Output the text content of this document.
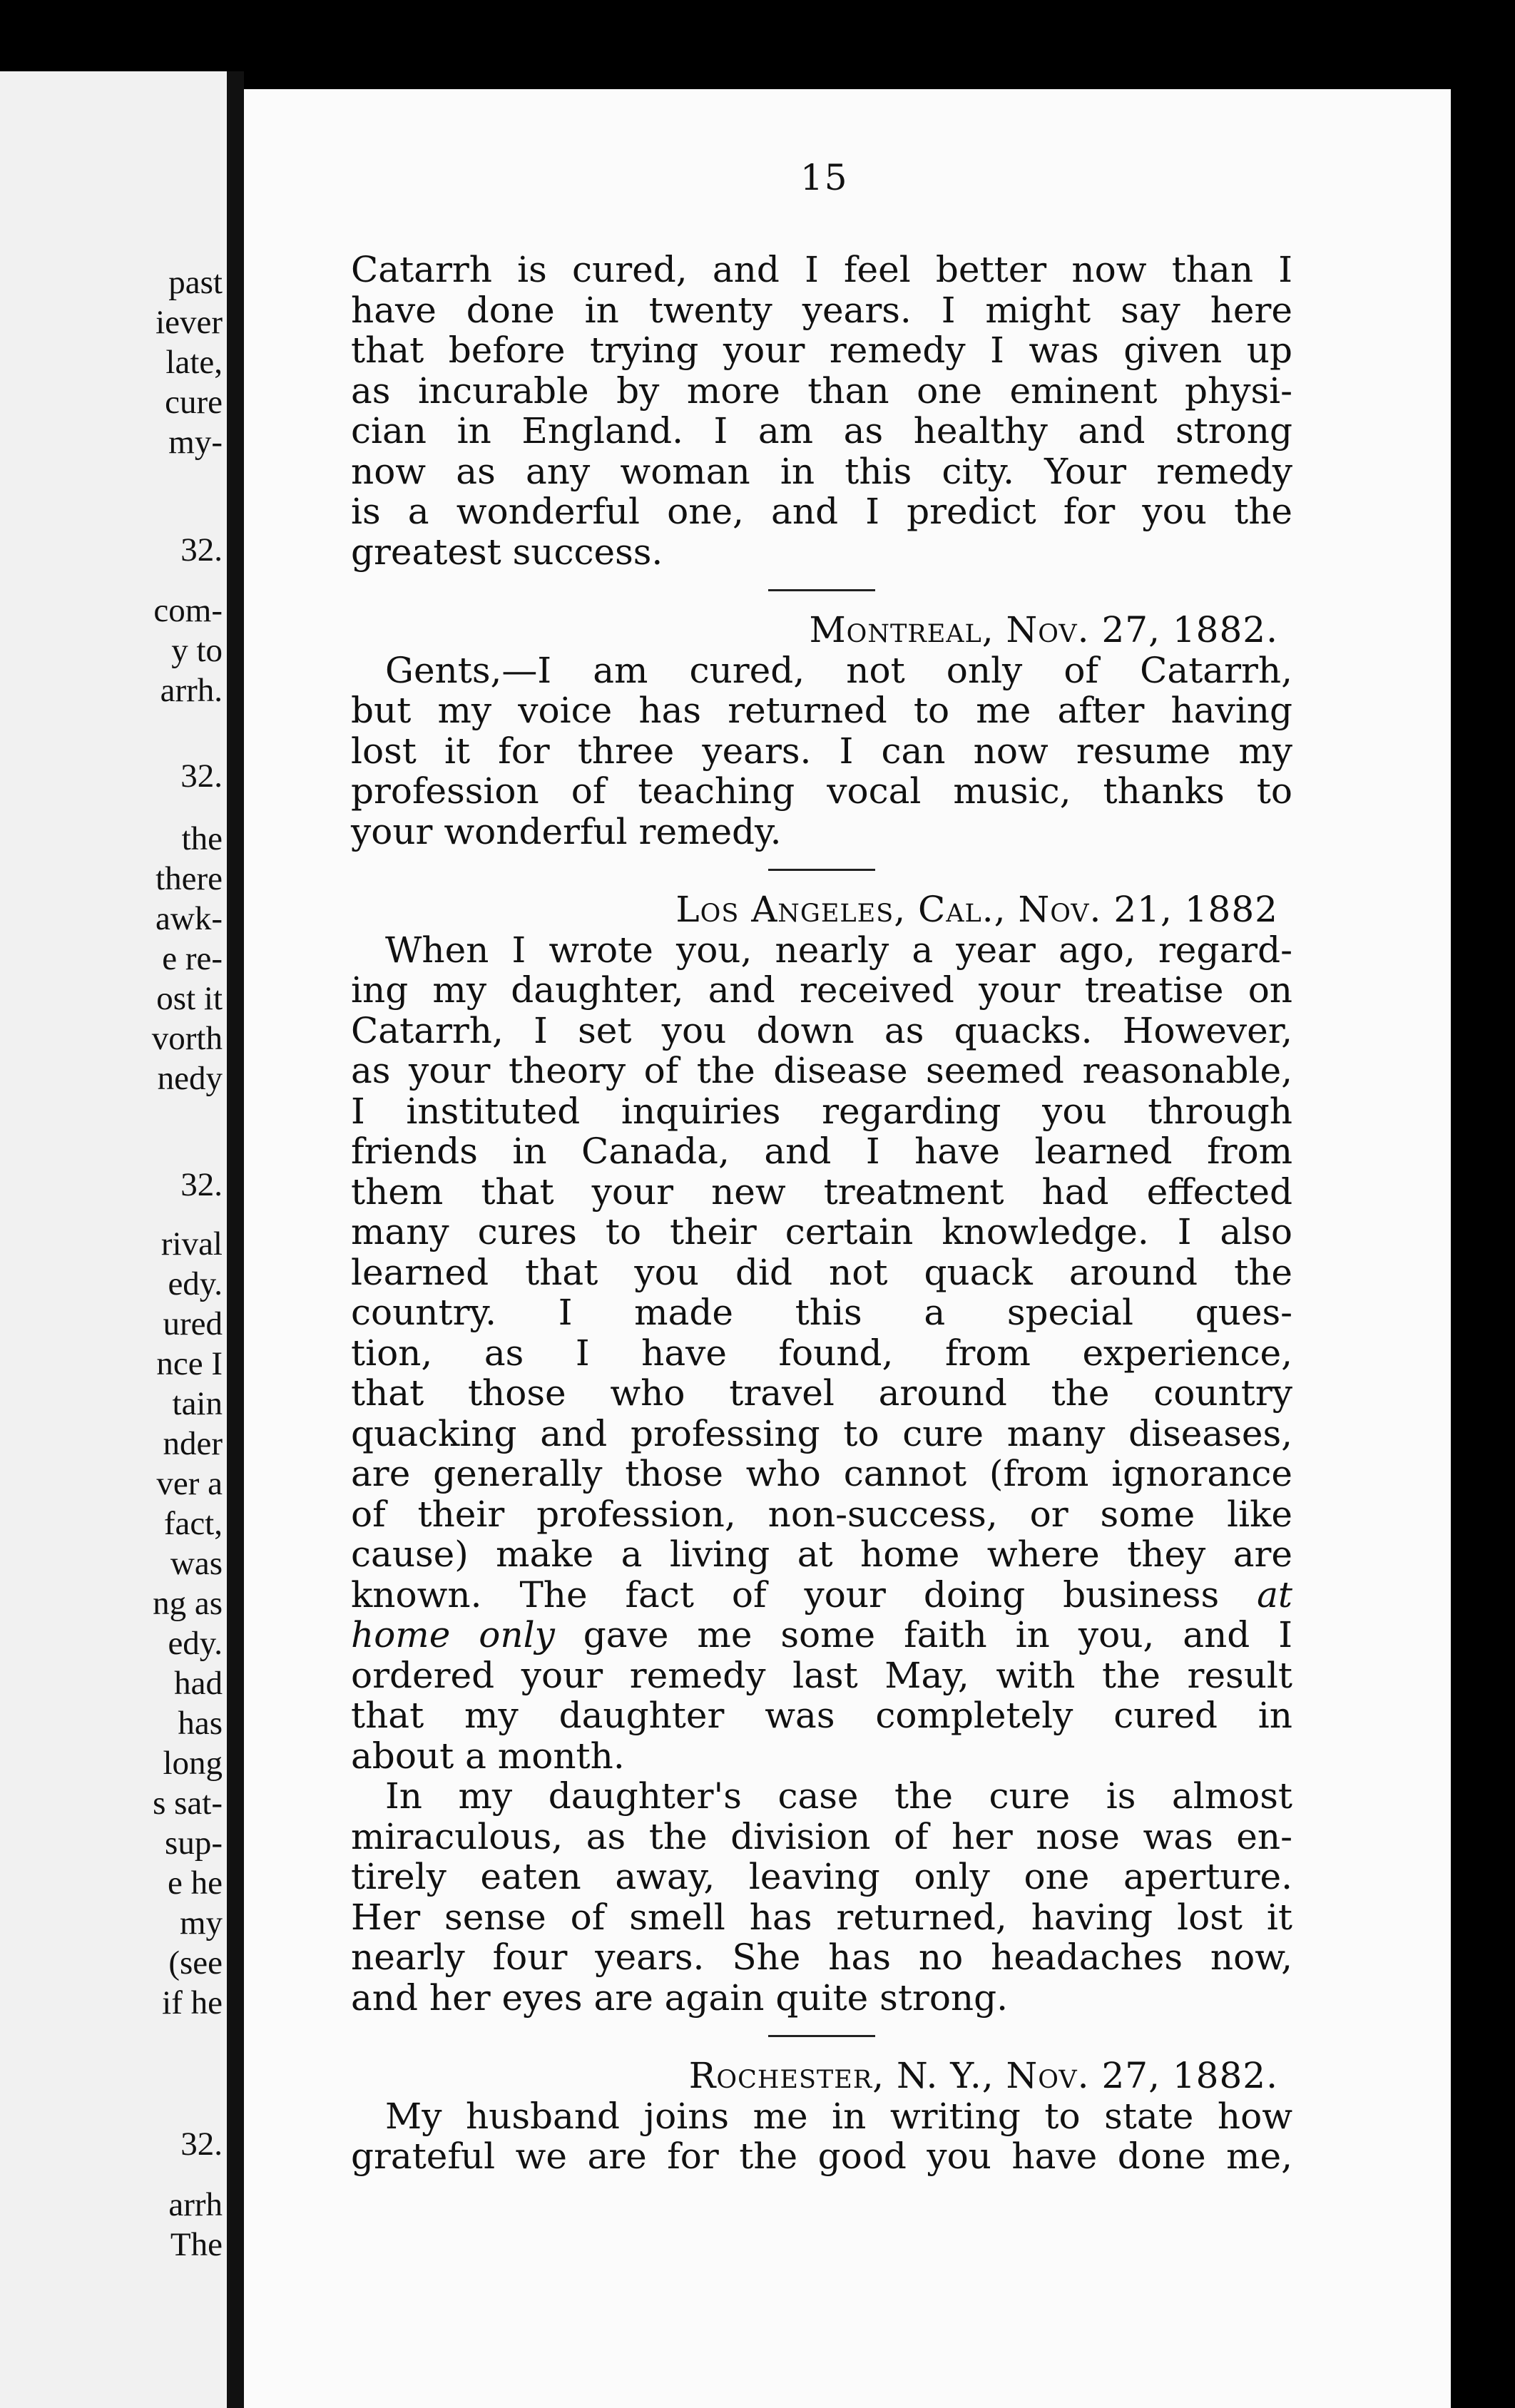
past
iever
late,
cure
my-
32.
com-
y to
arrh.
32.
the
there
awk-
e re-
ost it
vorth
nedy
32.
rival
edy.
ured
nce I
tain
nder
ver a
fact,
was
ng as
edy.
had
has
long
s sat-
sup-
e he
my
(see
if he
32.
arrh
The
15
Catarrh is cured, and I feel better now than I
have done in twenty years. I might say here
that before trying your remedy I was given up
as incurable by more than one eminent physi-
cian in England. I am as healthy and strong
now as any woman in this city. Your remedy
is a wonderful one, and I predict for you the
greatest success.
Montreal, Nov. 27, 1882.
Gents,—I am cured, not only of Catarrh,
but my voice has returned to me after having
lost it for three years. I can now resume my
profession of teaching vocal music, thanks to
your wonderful remedy.
Los Angeles, Cal., Nov. 21, 1882
When I wrote you, nearly a year ago, regard-
ing my daughter, and received your treatise on
Catarrh, I set you down as quacks. However,
as your theory of the disease seemed reasonable,
I instituted inquiries regarding you through
friends in Canada, and I have learned from
them that your new treatment had effected
many cures to their certain knowledge. I also
learned that you did not quack around the
country. I made this a special ques-
tion, as I have found, from experience,
that those who travel around the country
quacking and professing to cure many diseases,
are generally those who cannot (from ignorance
of their profession, non-success, or some like
cause) make a living at home where they are
known. The fact of your doing business at
home only gave me some faith in you, and I
ordered your remedy last May, with the result
that my daughter was completely cured in
about a month.
In my daughter's case the cure is almost
miraculous, as the division of her nose was en-
tirely eaten away, leaving only one aperture.
Her sense of smell has returned, having lost it
nearly four years. She has no headaches now,
and her eyes are again quite strong.
Rochester, N. Y., Nov. 27, 1882.
My husband joins me in writing to state how
grateful we are for the good you have done me,
